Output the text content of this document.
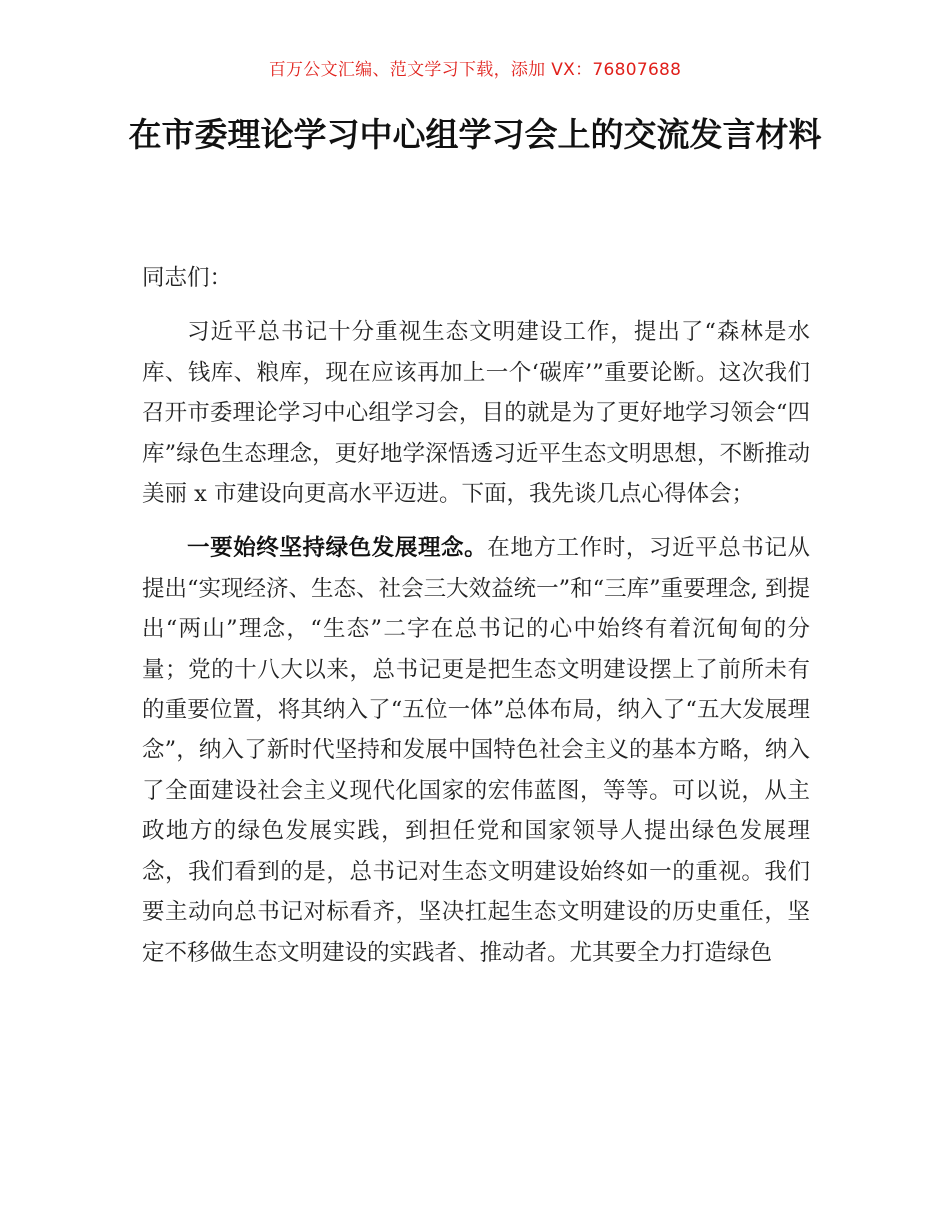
百万公文汇编、范文学习下载，添加 VX：76807688
在市委理论学习中心组学习会上的交流发言材料

同志们：

习近平总书记十分重视生态文明建设工作，提出了“森林是水库、钱库、粮库，现在应该再加上一个‘碳库’”重要论断。这次我们召开市委理论学习中心组学习会，目的就是为了更好地学习领会“四库”绿色生态理念，更好地学深悟透习近平生态文明思想，不断推动美丽 x 市建设向更高水平迈进。下面，我先谈几点心得体会；

一要始终坚持绿色发展理念。在地方工作时，习近平总书记从提出“实现经济、生态、社会三大效益统一”和“三库”重要理念, 到提出“两山”理念，“生态”二字在总书记的心中始终有着沉甸甸的分量；党的十八大以来，总书记更是把生态文明建设摆上了前所未有的重要位置，将其纳入了“五位一体”总体布局，纳入了“五大发展理念”，纳入了新时代坚持和发展中国特色社会主义的基本方略，纳入了全面建设社会主义现代化国家的宏伟蓝图，等等。可以说，从主政地方的绿色发展实践，到担任党和国家领导人提出绿色发展理念，我们看到的是，总书记对生态文明建设始终如一的重视。我们要主动向总书记对标看齐，坚决扛起生态文明建设的历史重任，坚定不移做生态文明建设的实践者、推动者。尤其要全力打造绿色
